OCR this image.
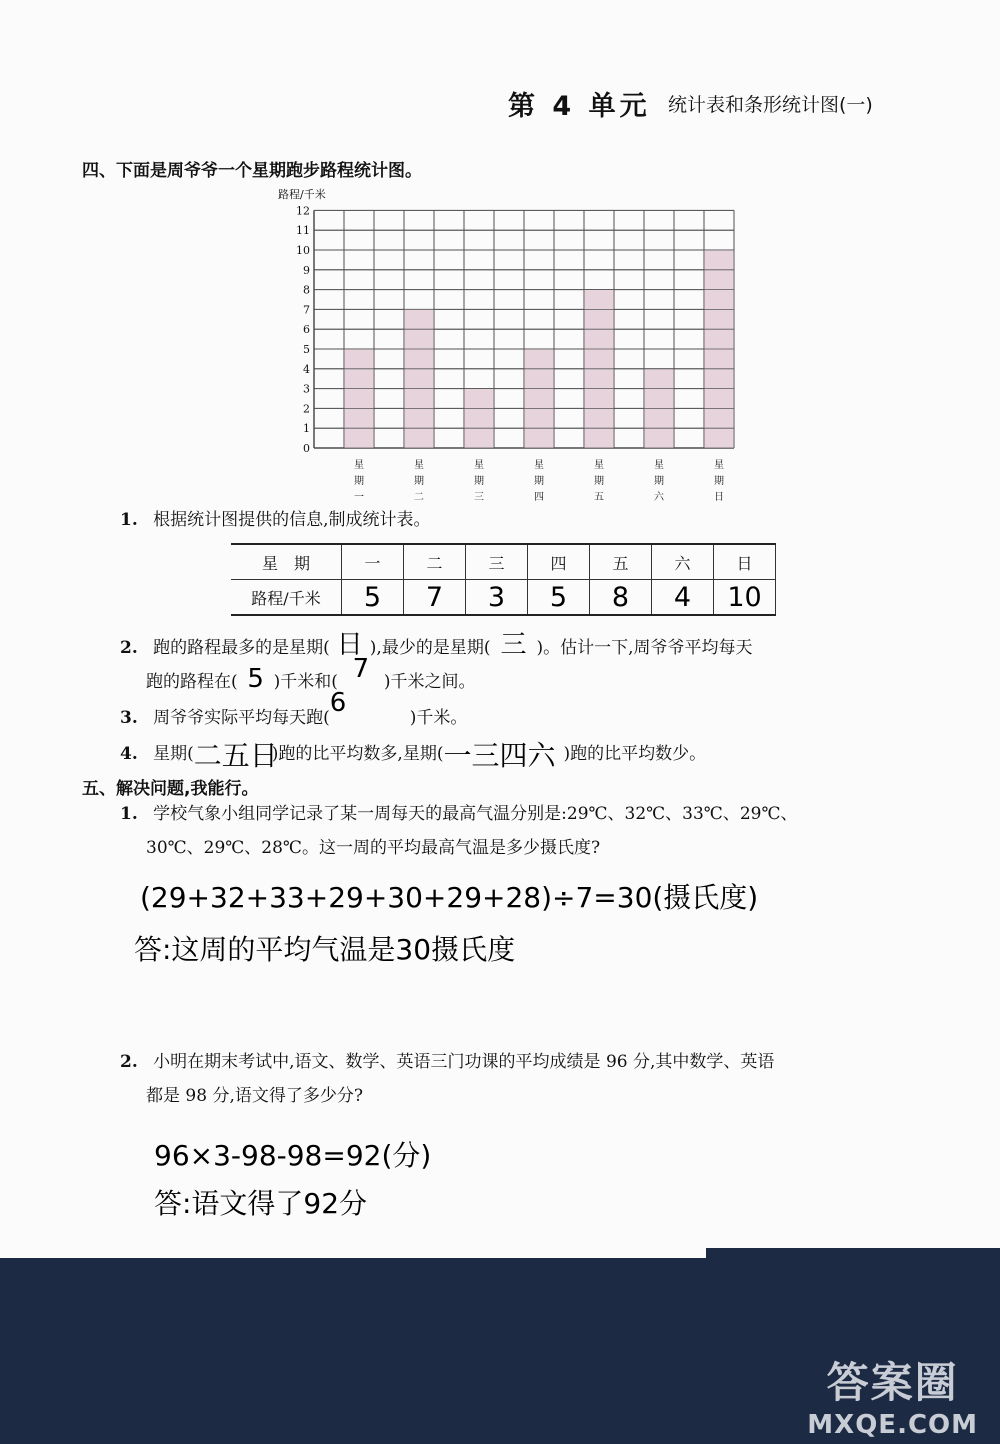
第 4 单元 统计表和条形统计图(一)
四、下面是周爷爷一个星期跑步路程统计图。
路程/千米
0
1
2
3
4
5
6
7
8
9
10
11
12
星
期
一
星
期
二
星
期
三
星
期
四
星
期
五
星
期
六
星
期
日
1. 根据统计图提供的信息,制成统计表。
星　期	一	二	三	四	五	六	日
路程/千米	5	7	3	5	8	4	10
2. 跑的路程最多的是星期( 日 ),最少的是星期( 三 )。估计一下,周爷爷平均每天
跑的路程在( 5 )千米和( 7 )千米之间。
3. 周爷爷实际平均每天跑(6	)千米。
4. 星期(二五日)跑的比平均数多,星期(一三四六 )跑的比平均数少。
五、解决问题,我能行。
1. 学校气象小组同学记录了某一周每天的最高气温分别是:29℃、32℃、33℃、29℃、
30℃、29℃、28℃。这一周的平均最高气温是多少摄氏度?
(29+32+33+29+30+29+28)÷7=30(摄氏度)
答:这周的平均气温是30摄氏度
2. 小明在期末考试中,语文、数学、英语三门功课的平均成绩是 96 分,其中数学、英语
都是 98 分,语文得了多少分?
96×3-98-98=92(分)
答:语文得了92分
答案圈
MXQE.COM
